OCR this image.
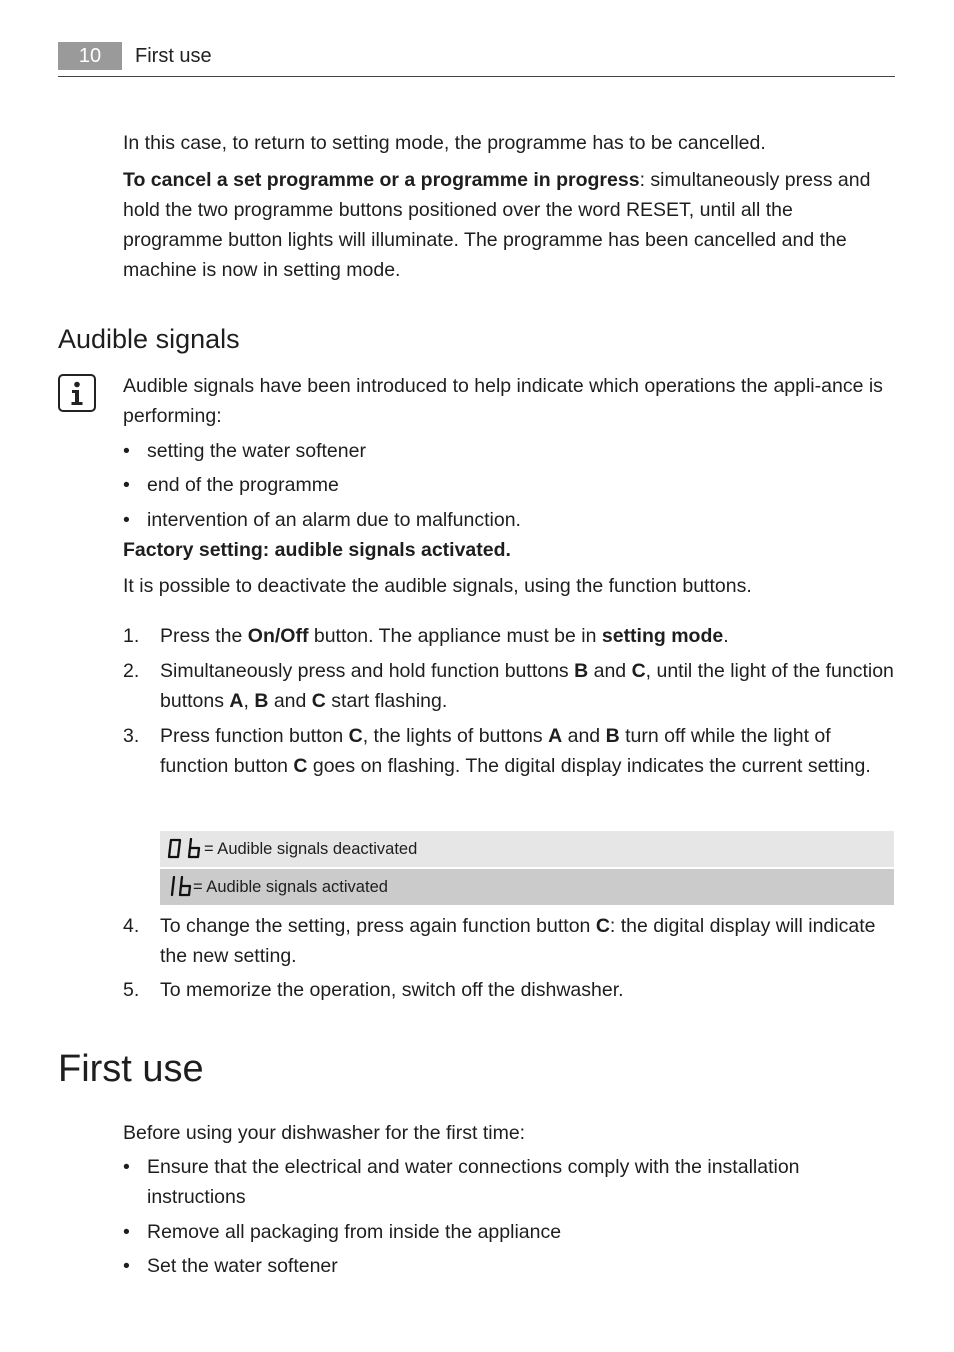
10	First use

In this case, to return to setting mode, the programme has to be cancelled.

To cancel a set programme or a programme in progress: simultaneously press and hold the two programme buttons positioned over the word RESET, until all the programme button lights will illuminate. The programme has been cancelled and the machine is now in setting mode.

Audible signals

Audible signals have been introduced to help indicate which operations the appli-ance is performing:

• setting the water softener
• end of the programme
• intervention of an alarm due to malfunction.

Factory setting: audible signals activated.

It is possible to deactivate the audible signals, using the function buttons.

1. Press the On/Off button. The appliance must be in setting mode.
2. Simultaneously press and hold function buttons B and C, until the light of the function buttons A, B and C start flashing.
3. Press function button C, the lights of buttons A and B turn off while the light of function button C goes on flashing. The digital display indicates the current setting.
= Audible signals deactivated
= Audible signals activated
4. To change the setting, press again function button C: the digital display will indicate the new setting.
5. To memorize the operation, switch off the dishwasher.
First use

Before using your dishwasher for the first time:

• Ensure that the electrical and water connections comply with the installation instructions
• Remove all packaging from inside the appliance
• Set the water softener
